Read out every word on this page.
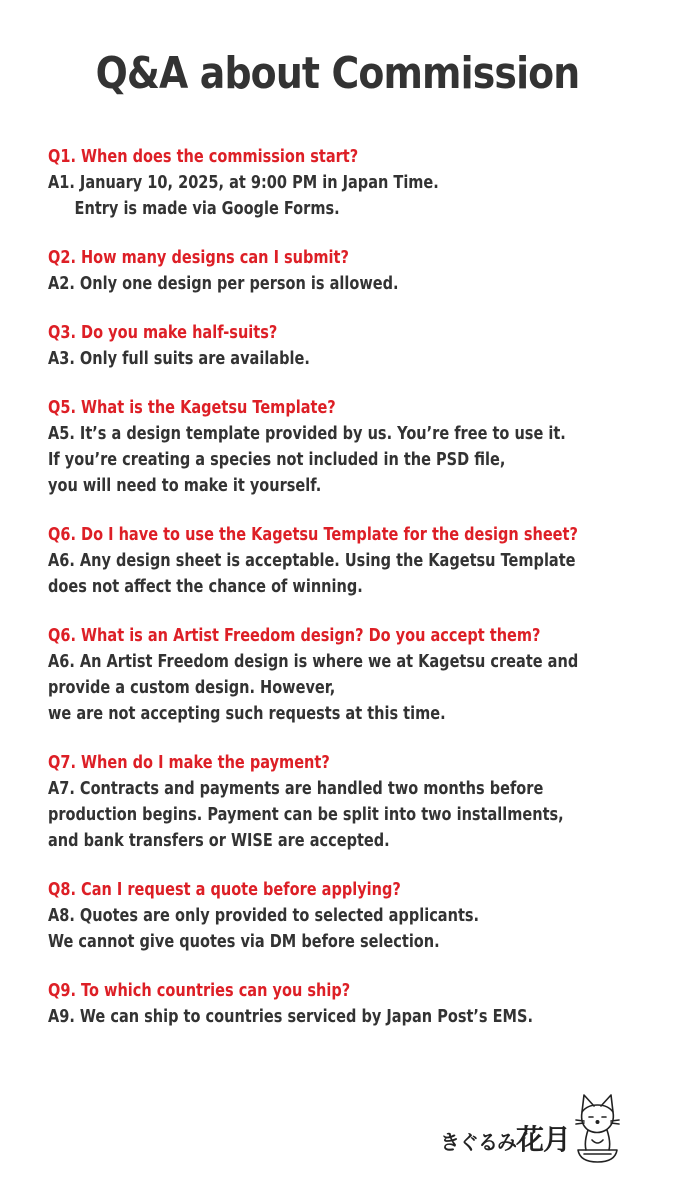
Q&A about Commission
Q1. When does the commission start?
A1. January 10, 2025, at 9:00 PM in Japan Time.
Entry is made via Google Forms.
Q2. How many designs can I submit?
A2. Only one design per person is allowed.
Q3. Do you make half-suits?
A3. Only full suits are available.
Q5. What is the Kagetsu Template?
A5. It’s a design template provided by us. You’re free to use it.
If you’re creating a species not included in the PSD file,
you will need to make it yourself.
Q6. Do I have to use the Kagetsu Template for the design sheet?
A6. Any design sheet is acceptable. Using the Kagetsu Template
does not affect the chance of winning.
Q6. What is an Artist Freedom design? Do you accept them?
A6. An Artist Freedom design is where we at Kagetsu create and
provide a custom design. However,
we are not accepting such requests at this time.
Q7. When do I make the payment?
A7. Contracts and payments are handled two months before
production begins. Payment can be split into two installments,
and bank transfers or WISE are accepted.
Q8. Can I request a quote before applying?
A8. Quotes are only provided to selected applicants.
We cannot give quotes via DM before selection.
Q9. To which countries can you ship?
A9. We can ship to countries serviced by Japan Post’s EMS.
きぐるみ花月
